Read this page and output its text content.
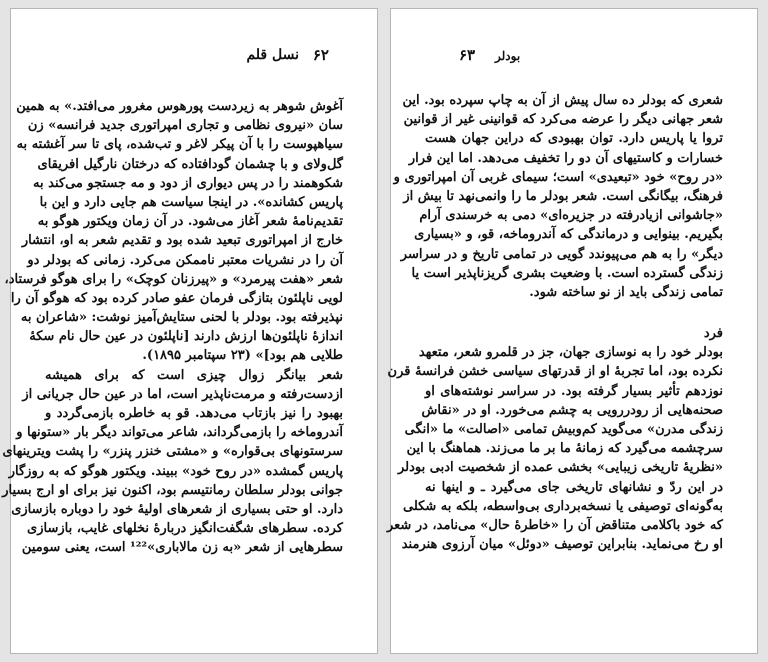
۶۲
نسل قلم
آغوش شوهر به زیردست پورهوس مغرور می‌افتد.» به همین
سان «نیروی نظامی و تجاری امپراتوری جدید فرانسه» زن
سیاهپوست را با آن پیکر لاغر و تب‌شده، پای تا سر آغشته به
گل‌ولای و با چشمان گودافتاده که درختان نارگیل افریقای
شکوهمند را در پس دیواری از دود و مه جستجو می‌کند به
پاریس کشانده». در اینجا سیاست هم جایی دارد و این با
تقدیم‌نامهٔ شعر آغاز می‌شود. در آن زمان ویکتور هوگو به
خارج از امپراتوری تبعید شده بود و تقدیم شعر به او، انتشار
آن را در نشریات معتبر ناممکن می‌کرد. زمانی که بودلر دو
شعر «هفت پیرمرد» و «پیرزنان کوچک» را برای هوگو فرستاد،
لویی ناپلئون بتازگی فرمان عفو صادر کرده بود که هوگو آن را
نپذیرفته بود. بودلر با لحنی ستایش‌آمیز نوشت: «شاعران به
اندازهٔ ناپلئون‌ها ارزش دارند [ناپلئون در عین حال نام سکهٔ
طلایی هم بود]» (۲۳ سپتامبر ۱۸۹۵).
شعر بیانگر زوال چیزی است که برای همیشه
ازدست‌رفته و مرمت‌ناپذیر است، اما در عین حال جریانی از
بهبود را نیز بازتاب می‌دهد. قو به خاطره بازمی‌گردد و
آندروماخه را بازمی‌گرداند، شاعر می‌تواند دیگر بار «ستونها و
سرستونهای بی‌قواره» و «مشتی خنزر پنزر» را پشت ویترینهای
پاریس گمشده «در روح خود» ببیند. ویکتور هوگو که به روزگار
جوانی بودلر سلطان رمانتیسم بود، اکنون نیز برای او ارج بسیار
دارد. او حتی بسیاری از شعرهای اولیهٔ خود را دوباره بازسازی
کرده. سطرهای شگفت‌انگیز دربارهٔ نخلهای غایب، بازسازی
سطرهایی از شعر «به زن مالاباری»¹²² است، یعنی سومین
بودلر
۶۳
شعری که بودلر ده سال پیش از آن به چاپ سپرده بود. این
شعر جهانی دیگر را عرضه می‌کرد که قوانینی غیر از قوانین
تروا یا پاریس دارد. توان بهبودی که دراین جهان هست
خسارات و کاستیهای آن دو را تخفیف می‌دهد. اما این فرار
«در روح» خود «تبعیدی» است؛ سیمای غربی آن امپراتوری و
فرهنگ، بیگانگی است. شعر بودلر ما را وانمی‌نهد تا بیش از
«جاشوانی ازیادرفته در جزیره‌ای» دمی به خرسندی آرام
بگیریم. بینوایی و درماندگی که آندروماخه، قو، و «بسیاری
دیگر» را به هم می‌پیوندد گویی در تمامی تاریخ و در سراسر
زندگی گسترده است. با وضعیت بشری گریزناپذیر است یا
تمامی زندگی باید از نو ساخته شود.
فرد
بودلر خود را به نوسازی جهان، جز در قلمرو شعر، متعهد
نکرده بود، اما تجربهٔ او از قدرتهای سیاسی خشن فرانسهٔ قرن
نوزدهم تأثیر بسیار گرفته بود. در سراسر نوشته‌های او
صحنه‌هایی از رودررویی به چشم می‌خورد. او در «نقاش
زندگی مدرن» می‌گوید کم‌وبیش تمامی «اصالت» ما «انگی
سرچشمه می‌گیرد که زمانهٔ ما بر ما می‌زند. هماهنگ با این
«نظریهٔ تاریخی زیبایی» بخشی عمده از شخصیت ادبی بودلر
در این ردّ و نشانهای تاریخی جای می‌گیرد ـ و اینها نه
به‌گونه‌ای توصیفی یا نسخه‌برداری بی‌واسطه، بلکه به شکلی
که خود باکلامی متناقض آن را «خاطرهٔ حال» می‌نامد، در شعر
او رخ می‌نماید. بنابراین توصیف «دوئل» میان آرزوی هنرمند
